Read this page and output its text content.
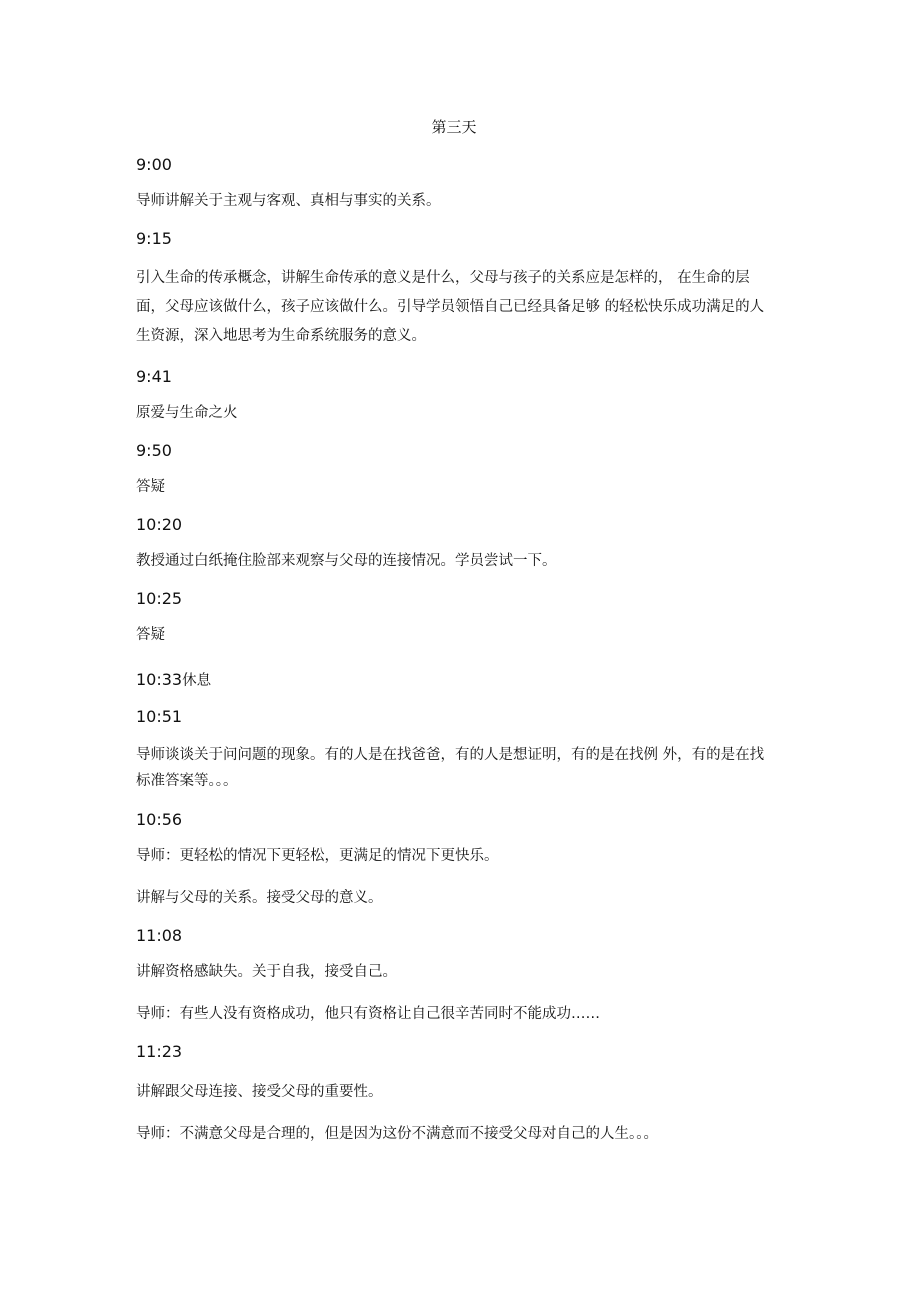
第三天
9:00
导师讲解关于主观与客观、真相与事实的关系。
9:15
引入生命的传承概念，讲解生命传承的意义是什么，父母与孩子的关系应是怎样的， 在生命的层面，父母应该做什么，孩子应该做什么。引导学员领悟自己已经具备足够 的轻松快乐成功满足的人生资源，深入地思考为生命系统服务的意义。
9:41
原爱与生命之火
9:50
答疑
10:20
教授通过白纸掩住脸部来观察与父母的连接情况。学员尝试一下。
10:25
答疑
10:33休息
10:51
导师谈谈关于问问题的现象。有的人是在找爸爸，有的人是想证明，有的是在找例 外，有的是在找标准答案等。。。
10:56
导师：更轻松的情况下更轻松，更满足的情况下更快乐。
讲解与父母的关系。接受父母的意义。
11:08
讲解资格感缺失。关于自我，接受自己。
导师：有些人没有资格成功，他只有资格让自己很辛苦同时不能成功……
11:23
讲解跟父母连接、接受父母的重要性。
导师：不满意父母是合理的，但是因为这份不满意而不接受父母对自己的人生。。。
